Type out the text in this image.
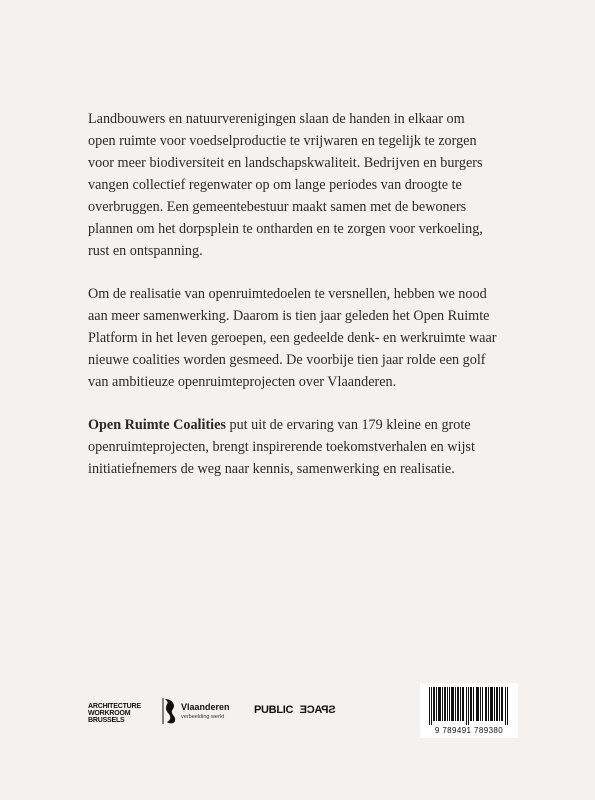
Landbouwers en natuurverenigingen slaan de handen in elkaar om
open ruimte voor voedselproductie te vrijwaren en tegelijk te zorgen
voor meer biodiversiteit en landschapskwaliteit. Bedrijven en burgers
vangen collectief regenwater op om lange periodes van droogte te
overbruggen. Een gemeentebestuur maakt samen met de bewoners
plannen om het dorpsplein te ontharden en te zorgen voor verkoeling,
rust en ontspanning.

Om de realisatie van openruimtedoelen te versnellen, hebben we nood
aan meer samenwerking. Daarom is tien jaar geleden het Open Ruimte
Platform in het leven geroepen, een gedeelde denk- en werkruimte waar
nieuwe coalities worden gesmeed. De voorbije tien jaar rolde een golf
van ambitieuze openruimteprojecten over Vlaanderen.

Open Ruimte Coalities put uit de ervaring van 179 kleine en grote
openruimteprojecten, brengt inspirerende toekomstverhalen en wijst
initiatiefnemers de weg naar kennis, samenwerking en realisatie.

ARCHITECTURE
WORKROOM
BRUSSELS
Vlaanderen
verbeelding werkt
PUBLIC SPACE
9 789491 789380
